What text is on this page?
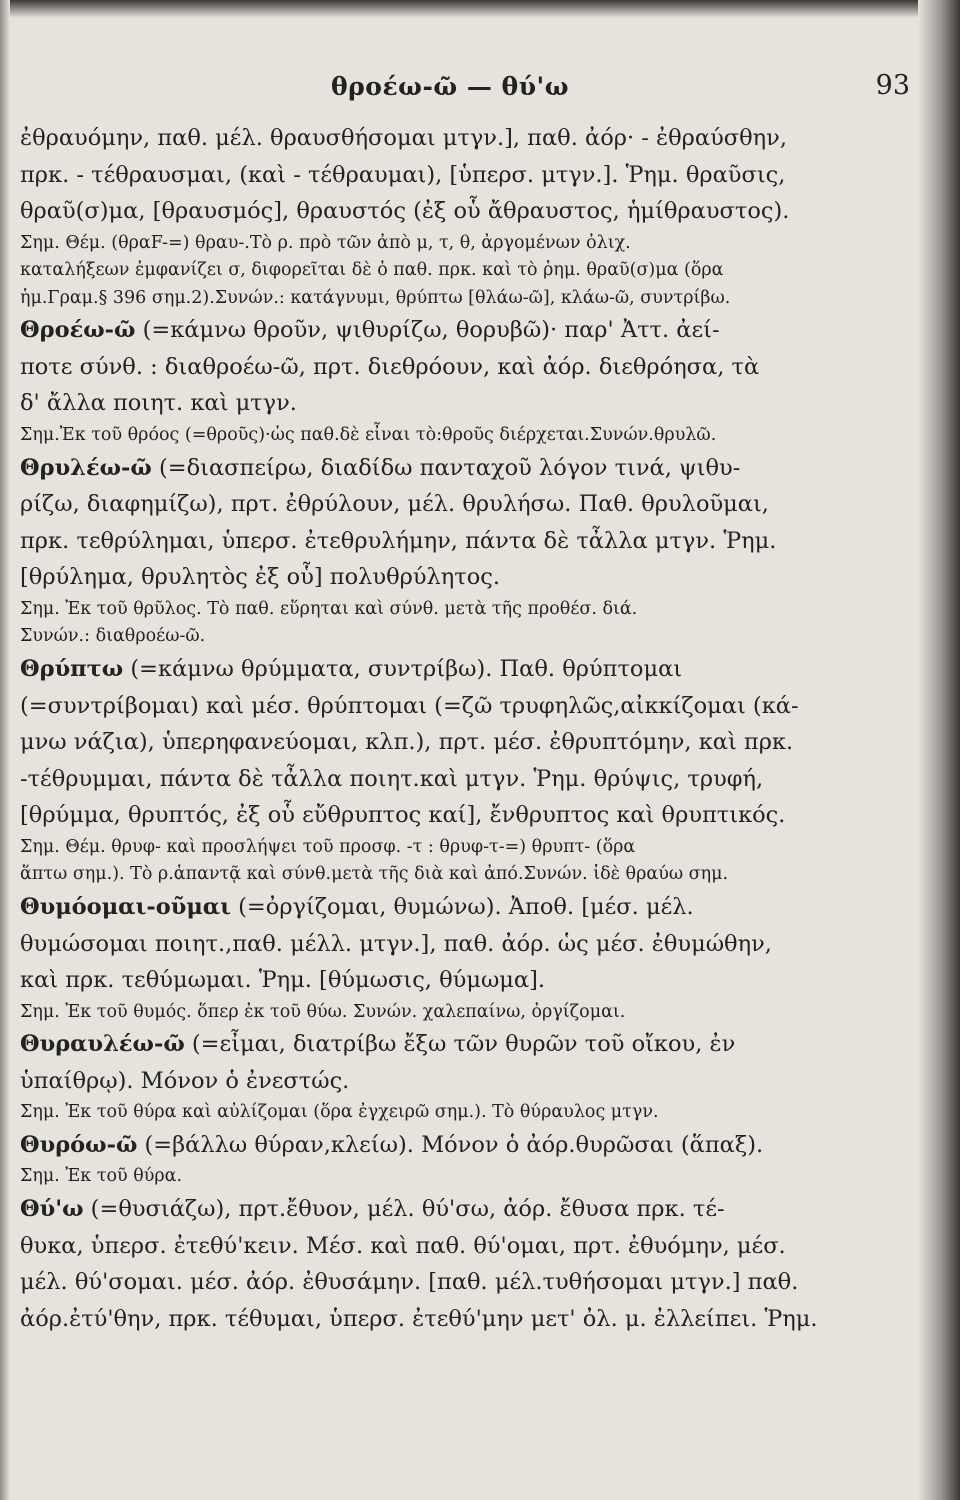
θροέω-ῶ — θύ'ω	93
ἐθραυόμην, παθ. μέλ. θραυσθήσομαι μτγν.], παθ. ἀόρ· - ἐθραύσθην,
πρκ. - τέθραυσμαι, (καὶ - τέθραυμαι), [ὑπερσ. μτγν.]. Ῥημ. θραῦσις,
θραῦ(σ)μα, [θραυσμός], θραυστός (ἐξ οὗ ἄθραυστος, ἡμίθραυστος).
Σημ. Θέμ. (θραF-=) θραυ-.Τὸ ρ. πρὸ τῶν ἀπὸ μ, τ, θ, ἀργομένων ὀλιχ.
καταλήξεων ἐμφανίζει σ, διφορεῖται δὲ ὁ παθ. πρκ. καὶ τὸ ῥημ. θραῦ(σ)μα (ὅρα
ἡμ.Γραμ.§ 396 σημ.2).Συνών.: κατάγνυμι, θρύπτω [θλάω-ῶ], κλάω-ῶ, συντρίβω.
Θροέω-ῶ (=κάμνω θροῦν, ψιθυρίζω, θορυβῶ)· παρ' Ἀττ. ἀεί-
ποτε σύνθ. : διαθροέω-ῶ, πρτ. διεθρόουν, καὶ ἀόρ. διεθρόησα, τὰ
δ' ἄλλα ποιητ. καὶ μτγν.
Σημ.Ἐκ τοῦ θρόος (=θροῦς)·ὡς παθ.δὲ εἶναι τὸ:θροῦς διέρχεται.Συνών.θρυλῶ.
Θρυλέω-ῶ (=διασπείρω, διαδίδω πανταχοῦ λόγον τινά, ψιθυ-
ρίζω, διαφημίζω), πρτ. ἐθρύλουν, μέλ. θρυλήσω. Παθ. θρυλοῦμαι,
πρκ. τεθρύλημαι, ὑπερσ. ἐτεθρυλήμην, πάντα δὲ τἆλλα μτγν. Ῥημ.
[θρύλημα, θρυλητὸς ἐξ οὗ] πολυθρύλητος.
Σημ. Ἐκ τοῦ θρῦλος. Τὸ παθ. εὕρηται καὶ σύνθ. μετὰ τῆς προθέσ. διά.
Συνών.: διαθροέω-ῶ.
Θρύπτω (=κάμνω θρύμματα, συντρίβω). Παθ. θρύπτομαι
(=συντρίβομαι) καὶ μέσ. θρύπτομαι (=ζῶ τρυφηλῶς,αἰκκίζομαι (κά-
μνω νάζια), ὑπερηφανεύομαι, κλπ.), πρτ. μέσ. ἐθρυπτόμην, καὶ πρκ.
-τέθρυμμαι, πάντα δὲ τἆλλα ποιητ.καὶ μτγν. Ῥημ. θρύψις, τρυφή,
[θρύμμα, θρυπτός, ἐξ οὗ εὔθρυπτος καί], ἔνθρυπτος καὶ θρυπτικός.
Σημ. Θέμ. θρυφ- καὶ προσλήψει τοῦ προσφ. -τ : θρυφ-τ-=) θρυπτ- (ὅρα
ἅπτω σημ.). Τὸ ρ.ἁπαντᾷ καὶ σύνθ.μετὰ τῆς διὰ καὶ ἀπό.Συνών. ἰδὲ θραύω σημ.
Θυμόομαι-οῦμαι (=ὀργίζομαι, θυμώνω). Ἀποθ. [μέσ. μέλ.
θυμώσομαι ποιητ.,παθ. μέλλ. μτγν.], παθ. ἀόρ. ὡς μέσ. ἐθυμώθην,
καὶ πρκ. τεθύμωμαι. Ῥημ. [θύμωσις, θύμωμα].
Σημ. Ἐκ τοῦ θυμός. ὅπερ ἐκ τοῦ θύω. Συνών. χαλεπαίνω, ὀργίζομαι.
Θυραυλέω-ῶ (=εἶμαι, διατρίβω ἔξω τῶν θυρῶν τοῦ οἴκου, ἐν
ὑπαίθρῳ). Μόνον ὁ ἐνεστώς.
Σημ. Ἐκ τοῦ θύρα καὶ αὐλίζομαι (ὅρα ἐγχειρῶ σημ.). Τὸ θύραυλος μτγν.
Θυρόω-ῶ (=βάλλω θύραν,κλείω). Μόνον ὁ ἀόρ.θυρῶσαι (ἅπαξ).
Σημ. Ἐκ τοῦ θύρα.
Θύ'ω (=θυσιάζω), πρτ.ἔθυον, μέλ. θύ'σω, ἀόρ. ἔθυσα πρκ. τέ-
θυκα, ὑπερσ. ἐτεθύ'κειν. Μέσ. καὶ παθ. θύ'ομαι, πρτ. ἐθυόμην, μέσ.
μέλ. θύ'σομαι. μέσ. ἀόρ. ἐθυσάμην. [παθ. μέλ.τυθήσομαι μτγν.] παθ.
ἀόρ.ἐτύ'θην, πρκ. τέθυμαι, ὑπερσ. ἐτεθύ'μην μετ' ὀλ. μ. ἐλλείπει. Ῥημ.
